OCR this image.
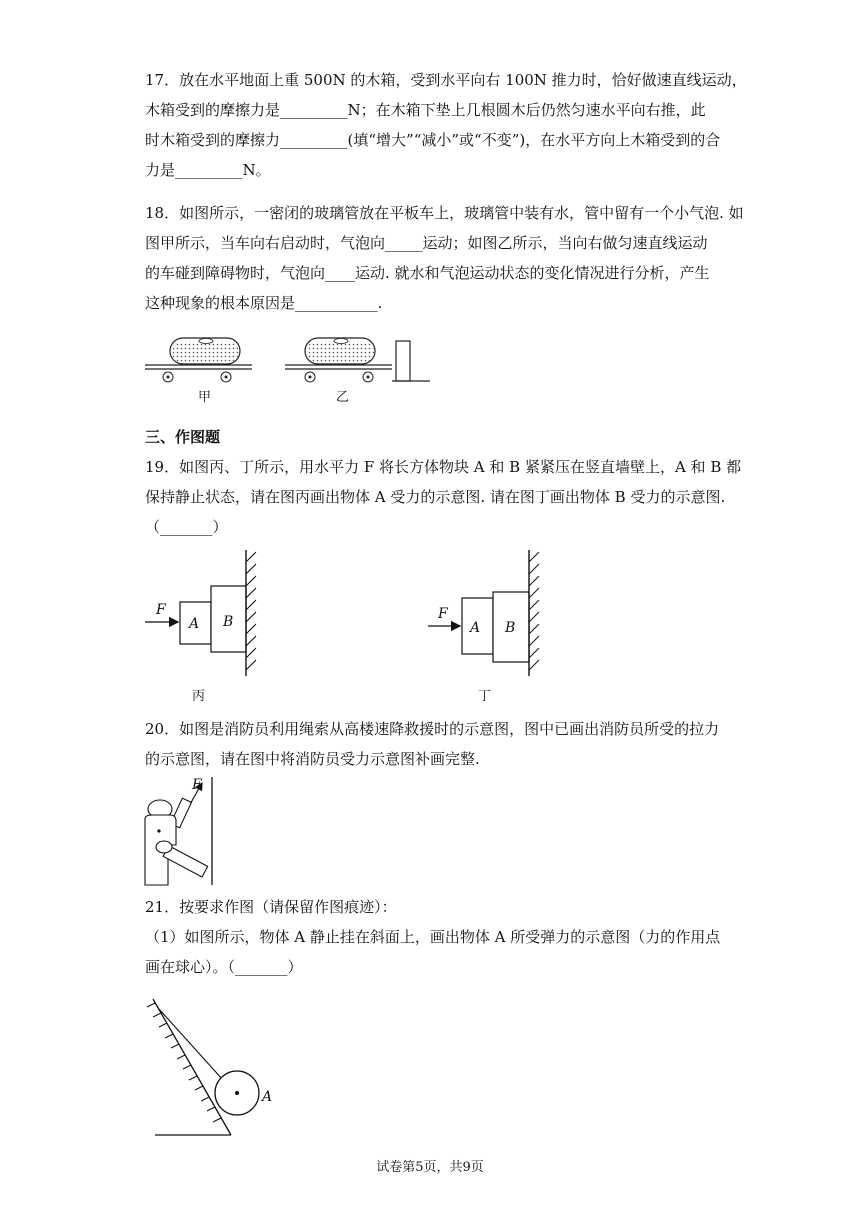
17．放在水平地面上重 500N 的木箱，受到水平向右 100N 推力时，恰好做速直线运动，
木箱受到的摩擦力是_________N；在木箱下垫上几根圆木后仍然匀速水平向右推，此
时木箱受到的摩擦力_________(填“增大”“减小”或“不变”)，在水平方向上木箱受到的合
力是_________N。
18．如图所示，一密闭的玻璃管放在平板车上，玻璃管中装有水，管中留有一个小气泡. 如
图甲所示，当车向右启动时，气泡向_____运动；如图乙所示，当向右做匀速直线运动
的车碰到障碍物时，气泡向____运动. 就水和气泡运动状态的变化情况进行分析，产生
这种现象的根本原因是___________.
甲	乙
三、作图题
19．如图丙、丁所示，用水平力 F 将长方体物块 A 和 B 紧紧压在竖直墙壁上，A 和 B 都
保持静止状态，请在图丙画出物体 A 受力的示意图. 请在图丁画出物体 B 受力的示意图.
（_______）
F
A B
丙
F
A B
丁
20．如图是消防员利用绳索从高楼速降救援时的示意图，图中已画出消防员所受的拉力
的示意图，请在图中将消防员受力示意图补画完整.
F
21．按要求作图（请保留作图痕迹）：
（1）如图所示，物体 A 静止挂在斜面上，画出物体 A 所受弹力的示意图（力的作用点
画在球心）。（_______）
A
试卷第5页，共9页
